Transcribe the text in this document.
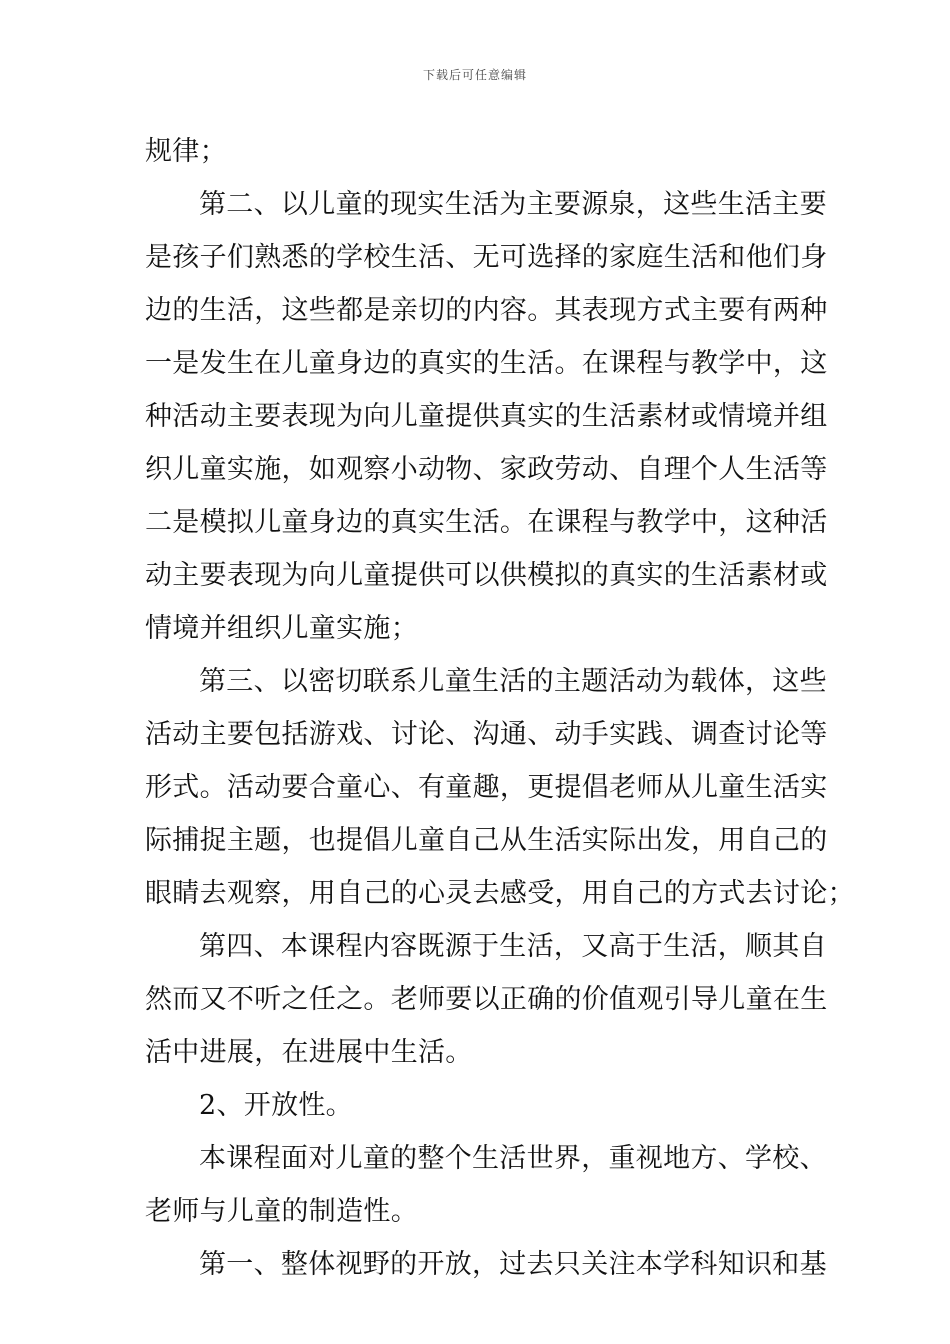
下载后可任意编辑
规律；
第二、以儿童的现实生活为主要源泉，这些生活主要
是孩子们熟悉的学校生活、无可选择的家庭生活和他们身
边的生活，这些都是亲切的内容。其表现方式主要有两种
一是发生在儿童身边的真实的生活。在课程与教学中，这
种活动主要表现为向儿童提供真实的生活素材或情境并组
织儿童实施，如观察小动物、家政劳动、自理个人生活等
二是模拟儿童身边的真实生活。在课程与教学中，这种活
动主要表现为向儿童提供可以供模拟的真实的生活素材或
情境并组织儿童实施；
第三、以密切联系儿童生活的主题活动为载体，这些
活动主要包括游戏、讨论、沟通、动手实践、调查讨论等
形式。活动要合童心、有童趣，更提倡老师从儿童生活实
际捕捉主题，也提倡儿童自己从生活实际出发，用自己的
眼睛去观察，用自己的心灵去感受，用自己的方式去讨论；
第四、本课程内容既源于生活，又高于生活，顺其自
然而又不听之任之。老师要以正确的价值观引导儿童在生
活中进展，在进展中生活。
2、开放性。
本课程面对儿童的整个生活世界，重视地方、学校、
老师与儿童的制造性。
第一、整体视野的开放，过去只关注本学科知识和基
